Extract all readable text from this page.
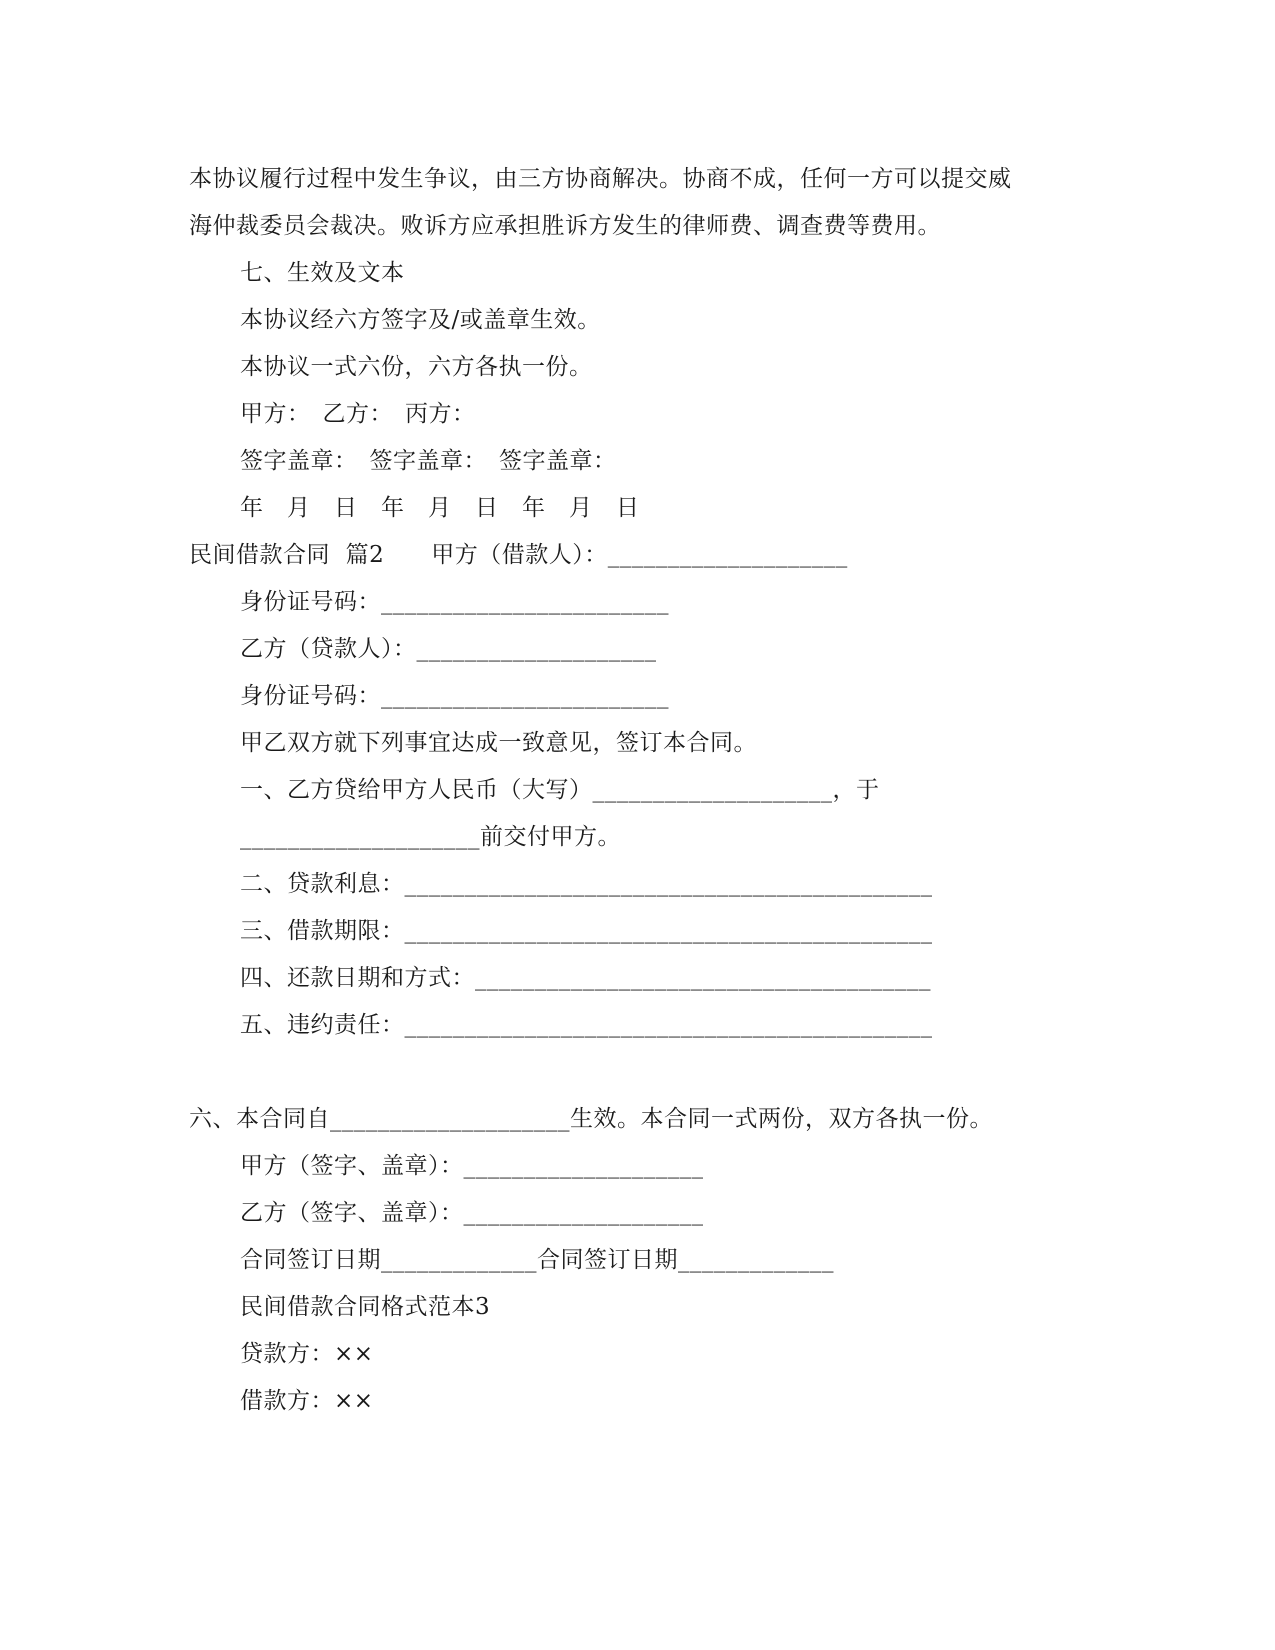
本协议履行过程中发生争议，由三方协商解决。协商不成，任何一方可以提交威
海仲裁委员会裁决。败诉方应承担胜诉方发生的律师费、调查费等费用。
七、生效及文本
本协议经六方签字及/或盖章生效。
本协议一式六份，六方各执一份。
甲方：　乙方：　丙方：
签字盖章：　签字盖章：　签字盖章：
年　月　日　年　月　日　年　月　日
民间借款合同  篇2　　甲方（借款人）：____________________
身份证号码：________________________
乙方（贷款人）：____________________
身份证号码：________________________
甲乙双方就下列事宜达成一致意见，签订本合同。
一、乙方贷给甲方人民币（大写）____________________，于
____________________前交付甲方。
二、贷款利息：____________________________________________
三、借款期限：____________________________________________
四、还款日期和方式：______________________________________
五、违约责任：____________________________________________
六、本合同自____________________生效。本合同一式两份，双方各执一份。
甲方（签字、盖章）：____________________
乙方（签字、盖章）：____________________
合同签订日期_____________合同签订日期_____________
民间借款合同格式范本3
贷款方：××
借款方：××
